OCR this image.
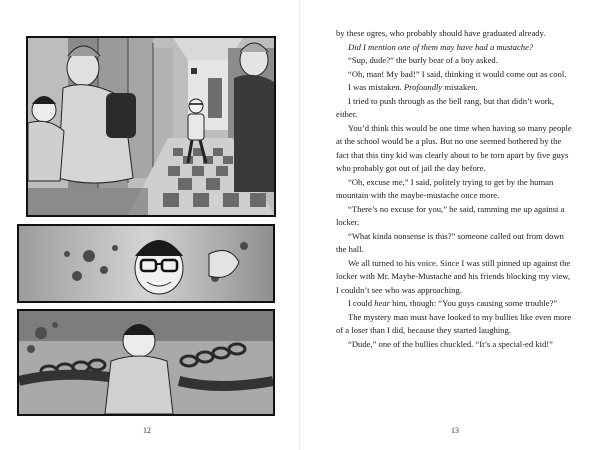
12	13

by these ogres, who probably should have graduated already.

Did I mention one of them may have had a mustache?

“Sup, dude?” the burly bear of a boy asked.

“Oh, man! My bad!” I said, thinking it would come out as cool.

I was mistaken. Profoundly mistaken.

I tried to push through as the bell rang, but that didn’t work, either.

You’d think this would be one time when having so many people at the school would be a plus. But no one seemed bothered by the fact that this tiny kid was clearly about to be torn apart by five guys who probably got out of jail the day before.

“Oh, excuse me,” I said, politely trying to get by the human mountain with the maybe-mustache once more.

“There’s no excuse for you,” he said, ramming me up against a locker.

“What kinda nonsense is this?” someone called out from down the hall.

We all turned to his voice. Since I was still pinned up against the locker with Mr. Maybe-Mustache and his friends blocking my view, I couldn’t see who was approaching.

I could hear him, though: “You guys causing some trouble?”

The mystery man must have looked to my bullies like even more of a loser than I did, because they started laughing.

“Dude,” one of the bullies chuckled. “It’s a special-ed kid!”
